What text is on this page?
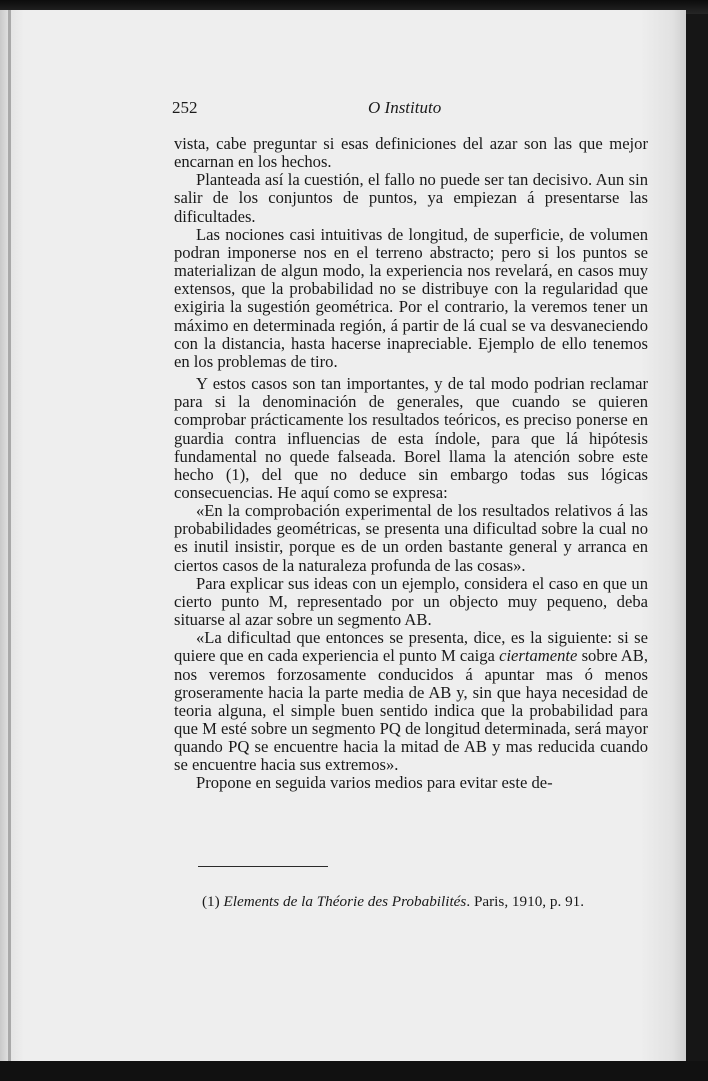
252	O Instituto

vista, cabe preguntar si esas definiciones del azar son las que mejor encarnan en los hechos.

Planteada así la cuestión, el fallo no puede ser tan decisivo. Aun sin salir de los conjuntos de puntos, ya empiezan á presentarse las dificultades.

Las nociones casi intuitivas de longitud, de superficie, de volumen podran imponerse nos en el terreno abstracto; pero si los puntos se materializan de algun modo, la experiencia nos revelará, en casos muy extensos, que la probabilidad no se distribuye con la regularidad que exigiria la sugestión geométrica. Por el contrario, la veremos tener un máximo en determinada región, á partir de lá cual se va desvaneciendo con la distancia, hasta hacerse inapreciable. Ejemplo de ello tenemos en los problemas de tiro.

Y estos casos son tan importantes, y de tal modo podrian reclamar para si la denominación de generales, que cuando se quieren comprobar prácticamente los resultados teóricos, es preciso ponerse en guardia contra influencias de esta índole, para que lá hipótesis fundamental no quede falseada. Borel llama la atención sobre este hecho (1), del que no deduce sin embargo todas sus lógicas consecuencias. He aquí como se expresa:

«En la comprobación experimental de los resultados relativos á las probabilidades geométricas, se presenta una dificultad sobre la cual no es inutil insistir, porque es de un orden bastante general y arranca en ciertos casos de la naturaleza profunda de las cosas».

Para explicar sus ideas con un ejemplo, considera el caso en que un cierto punto M, representado por un objecto muy pequeno, deba situarse al azar sobre un segmento AB.

«La dificultad que entonces se presenta, dice, es la siguiente: si se quiere que en cada experiencia el punto M caiga ciertamente sobre AB, nos veremos forzosamente conducidos á apuntar mas ó menos groseramente hacia la parte media de AB y, sin que haya necesidad de teoria alguna, el simple buen sentido indica que la probabilidad para que M esté sobre un segmento PQ de longitud determinada, será mayor quando PQ se encuentre hacia la mitad de AB y mas reducida cuando se encuentre hacia sus extremos».

Propone en seguida varios medios para evitar este de-

(1) Elements de la Théorie des Probabilités. Paris, 1910, p. 91.
